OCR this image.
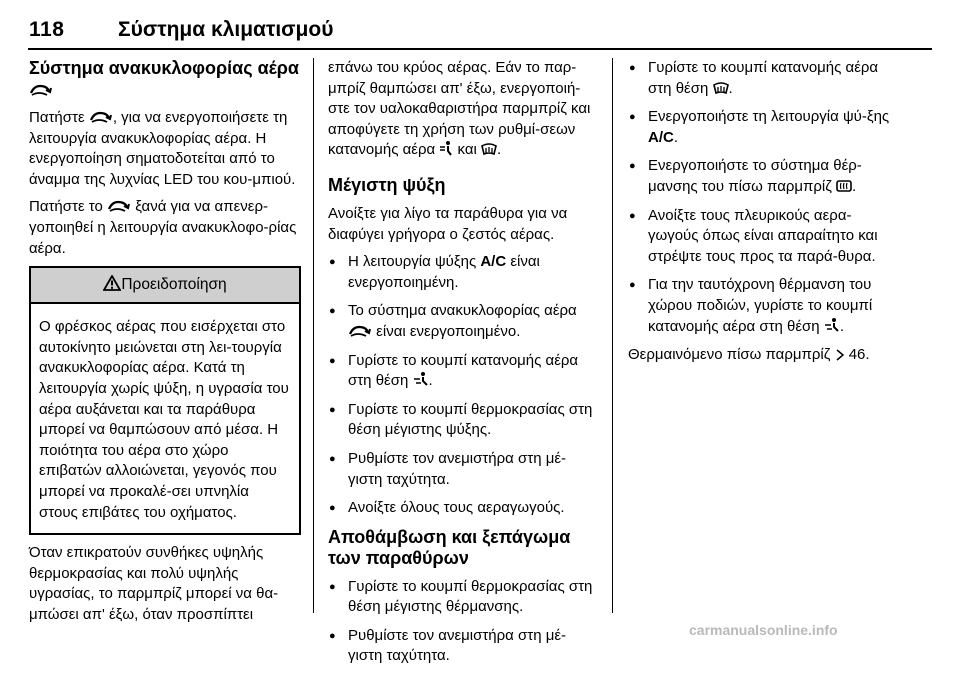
118	Σύστημα κλιματισμού
Σύστημα ανακυκλοφορίας αέρα

Πατήστε , για να ενεργοποιήσετε τη λειτουργία ανακυκλοφορίας αέρα. Η ενεργοποίηση σηματοδοτείται από το άναμμα της λυχνίας LED του κου-μπιού.

Πατήστε το ξανά για να απενερ-γοποιηθεί η λειτουργία ανακυκλοφο-ρίας αέρα.

Προειδοποίηση
Ο φρέσκος αέρας που εισέρχεται στο αυτοκίνητο μειώνεται στη λει-τουργία ανακυκλοφορίας αέρα. Κατά τη λειτουργία χωρίς ψύξη, η υγρασία του αέρα αυξάνεται και τα παράθυρα μπορεί να θαμπώσουν από μέσα. Η ποιότητα του αέρα στο χώρο επιβατών αλλοιώνεται, γεγονός που μπορεί να προκαλέ-σει υπνηλία στους επιβάτες του οχήματος.

Όταν επικρατούν συνθήκες υψηλής θερμοκρασίας και πολύ υψηλής υγρασίας, το παρμπρίζ μπορεί να θα-μπώσει απ' έξω, όταν προσπίπτει

επάνω του κρύος αέρας. Εάν το παρ-μπρίζ θαμπώσει απ' έξω, ενεργοποιή-στε τον υαλοκαθαριστήρα παρμπρίζ και αποφύγετε τη χρήση των ρυθμί-σεων κατανομής αέρα και .

Μέγιστη ψύξη

Ανοίξτε για λίγο τα παράθυρα για να διαφύγει γρήγορα ο ζεστός αέρας.

● Η λειτουργία ψύξης A/C είναι ενεργοποιημένη.
● Το σύστημα ανακυκλοφορίας αέρα  είναι ενεργοποιημένο.
● Γυρίστε το κουμπί κατανομής αέρα στη θέση .
● Γυρίστε το κουμπί θερμοκρασίας στη θέση μέγιστης ψύξης.
● Ρυθμίστε τον ανεμιστήρα στη μέ-γιστη ταχύτητα.
● Ανοίξτε όλους τους αεραγωγούς.
Αποθάμβωση και ξεπάγωμα των παραθύρων
● Γυρίστε το κουμπί θερμοκρασίας στη θέση μέγιστης θέρμανσης.
● Ρυθμίστε τον ανεμιστήρα στη μέ-γιστη ταχύτητα.
● Γυρίστε το κουμπί κατανομής αέρα στη θέση .
● Ενεργοποιήστε τη λειτουργία ψύ-ξης A/C.
● Ενεργοποιήστε το σύστημα θέρ-μανσης του πίσω παρμπρίζ .
● Ανοίξτε τους πλευρικούς αερα-γωγούς όπως είναι απαραίτητο και στρέψτε τους προς τα παρά-θυρα.
● Για την ταυτόχρονη θέρμανση του χώρου ποδιών, γυρίστε το κουμπί κατανομής αέρα στη θέση .

Θερμαινόμενο πίσω παρμπρίζ 46.

carmanualsonline.info
